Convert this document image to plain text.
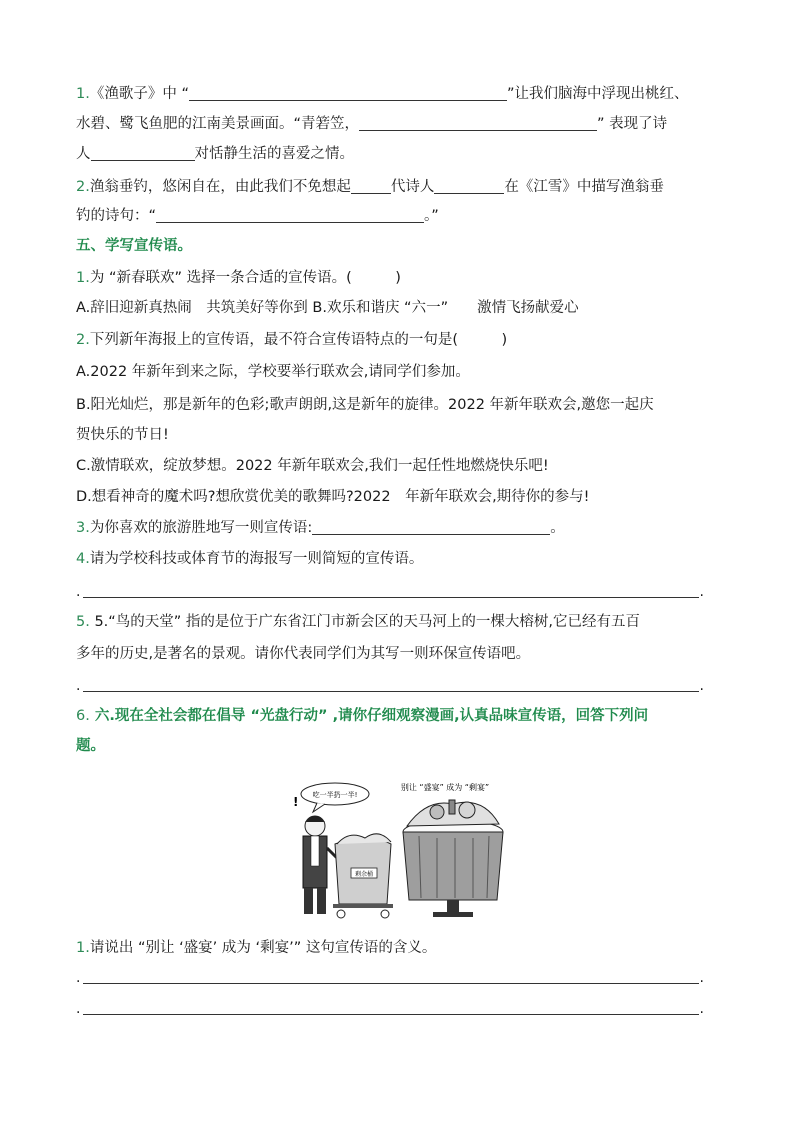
1.《渔歌子》中 “	”让我们脑海中浮现出桃红、
水碧、鹭飞鱼肥的江南美景画面。“青箬笠，	” 表现了诗
人	对恬静生活的喜爱之情。
2.渔翁垂钓，悠闲自在，由此我们不免想起	代诗人	在《江雪》中描写渔翁垂
钓的诗句：“	。”
五、学写宣传语。
1.为 “新春联欢” 选择一条合适的宣传语。(　　　)
A.辞旧迎新真热闹　共筑美好等你到 B.欢乐和谐庆 “六一”　　激情飞扬献爱心
2.下列新年海报上的宣传语，最不符合宣传语特点的一句是(　　　)
A.2022 年新年到来之际，学校要举行联欢会,请同学们参加。
B.阳光灿烂，那是新年的色彩;歌声朗朗,这是新年的旋律。2022 年新年联欢会,邀您一起庆
贺快乐的节日!
C.激情联欢，绽放梦想。2022 年新年联欢会,我们一起任性地燃烧快乐吧!
D.想看神奇的魔术吗?想欣赏优美的歌舞吗?2022　年新年联欢会,期待你的参与!
3.为你喜欢的旅游胜地写一则宣传语:	。
4.请为学校科技或体育节的海报写一则简短的宣传语。
.	.
5. 5.“鸟的天堂” 指的是位于广东省江门市新会区的天马河上的一棵大榕树,它已经有五百
多年的历史,是著名的景观。请你代表同学们为其写一则环保宣传语吧。
.	.
6. 六.现在全社会都在倡导 “光盘行动” ,请你仔细观察漫画,认真品味宣传语，回答下列问
题。
吃一半扔一半!
别让 “盛宴” 成为 “剩宴”
!
剩余桶
1.请说出 “别让 ‘盛宴’ 成为 ‘剩宴’” 这句宣传语的含义。
.	.
.	.
